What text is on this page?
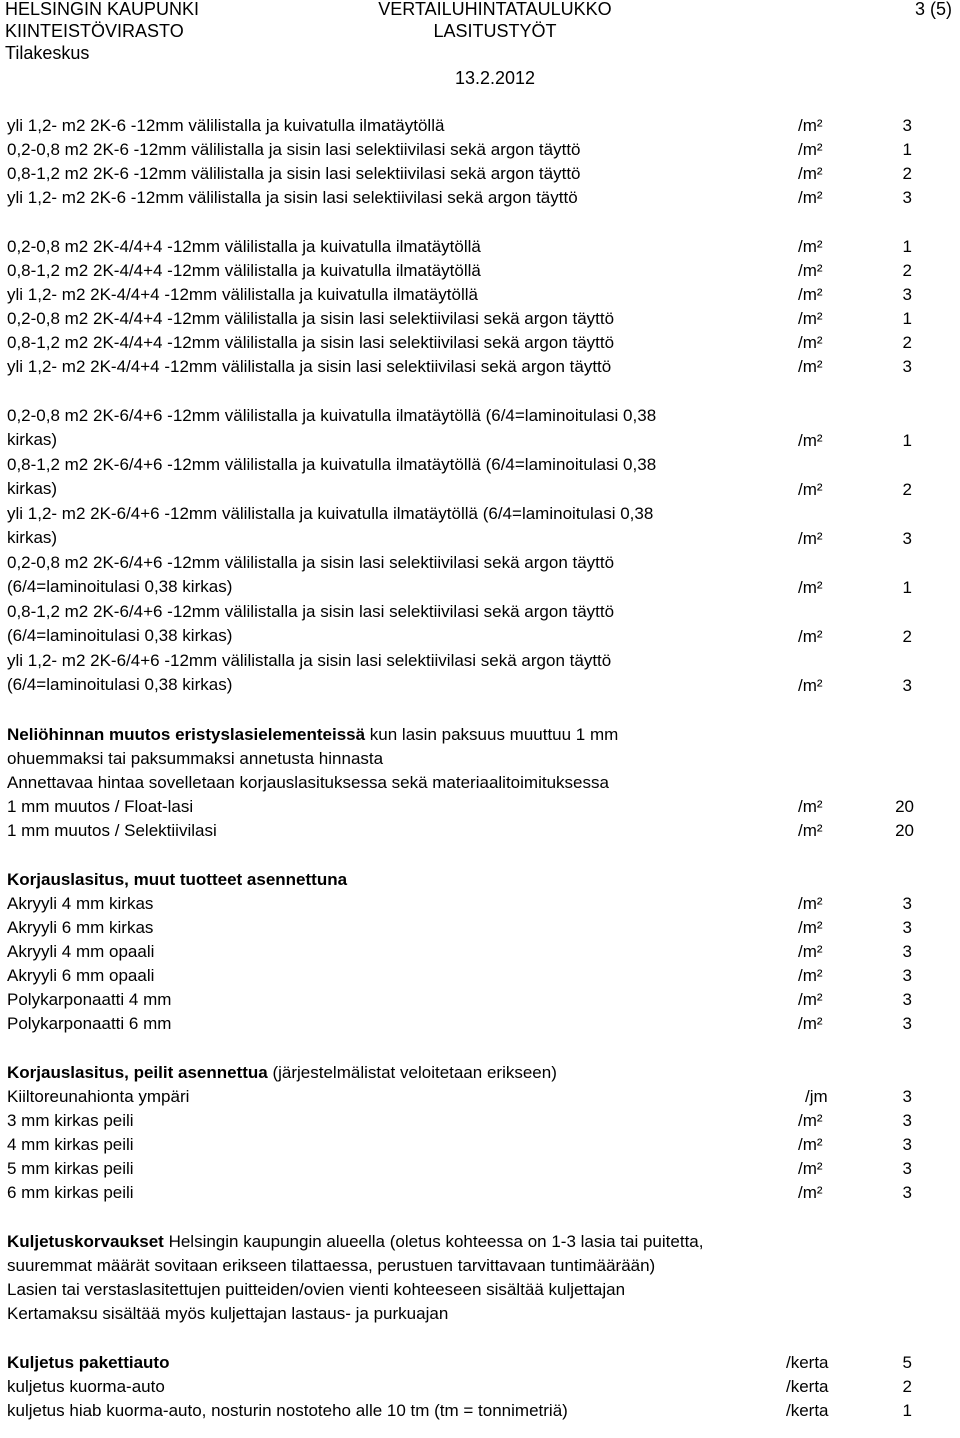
HELSINGIN KAUPUNKI
KIINTEISTÖVIRASTO
Tilakeskus
VERTAILUHINTATAULUKKO
LASITUSTYÖT
3 (5)
13.2.2012
yli 1,2- m2 2K-6 -12mm välilistalla ja kuivatulla ilmatäytöllä	/m²	3
0,2-0,8 m2 2K-6 -12mm välilistalla ja sisin lasi selektiivilasi sekä argon täyttö	/m²	1
0,8-1,2 m2 2K-6 -12mm välilistalla ja sisin lasi selektiivilasi sekä argon täyttö	/m²	2
yli 1,2- m2 2K-6 -12mm välilistalla ja sisin lasi selektiivilasi sekä argon täyttö	/m²	3
0,2-0,8 m2 2K-4/4+4 -12mm välilistalla ja kuivatulla ilmatäytöllä	/m²	1
0,8-1,2 m2 2K-4/4+4 -12mm välilistalla ja kuivatulla ilmatäytöllä	/m²	2
yli 1,2- m2 2K-4/4+4 -12mm välilistalla ja kuivatulla ilmatäytöllä	/m²	3
0,2-0,8 m2 2K-4/4+4 -12mm välilistalla ja sisin lasi selektiivilasi sekä argon täyttö	/m²	1
0,8-1,2 m2 2K-4/4+4 -12mm välilistalla ja sisin lasi selektiivilasi sekä argon täyttö	/m²	2
yli 1,2- m2 2K-4/4+4 -12mm välilistalla ja sisin lasi selektiivilasi sekä argon täyttö	/m²	3
0,2-0,8 m2 2K-6/4+6 -12mm välilistalla ja kuivatulla ilmatäytöllä (6/4=laminoitulasi 0,38
kirkas)	/m²	1
0,8-1,2 m2 2K-6/4+6 -12mm välilistalla ja kuivatulla ilmatäytöllä (6/4=laminoitulasi 0,38
kirkas)	/m²	2
yli 1,2- m2 2K-6/4+6 -12mm välilistalla ja kuivatulla ilmatäytöllä (6/4=laminoitulasi 0,38
kirkas)	/m²	3
0,2-0,8 m2 2K-6/4+6 -12mm välilistalla ja sisin lasi selektiivilasi sekä argon täyttö
(6/4=laminoitulasi 0,38 kirkas)	/m²	1
0,8-1,2 m2 2K-6/4+6 -12mm välilistalla ja sisin lasi selektiivilasi sekä argon täyttö
(6/4=laminoitulasi 0,38 kirkas)	/m²	2
yli 1,2- m2 2K-6/4+6 -12mm välilistalla ja sisin lasi selektiivilasi sekä argon täyttö
(6/4=laminoitulasi 0,38 kirkas)	/m²	3
Neliöhinnan muutos eristyslasielementeissä kun lasin paksuus muuttuu 1 mm
ohuemmaksi tai paksummaksi annetusta hinnasta
Annettavaa hintaa sovelletaan korjauslasituksessa sekä materiaalitoimituksessa
1 mm muutos / Float-lasi	/m²	20
1 mm muutos / Selektiivilasi	/m²	20
Korjauslasitus, muut tuotteet asennettuna
Akryyli 4 mm kirkas	/m²	3
Akryyli 6 mm kirkas	/m²	3
Akryyli 4 mm opaali	/m²	3
Akryyli 6 mm opaali	/m²	3
Polykarponaatti 4 mm	/m²	3
Polykarponaatti 6 mm	/m²	3
Korjauslasitus, peilit asennettua (järjestelmälistat veloitetaan erikseen)
Kiiltoreunahionta ympäri	/jm	3
3 mm kirkas peili	/m²	3
4 mm kirkas peili	/m²	3
5 mm kirkas peili	/m²	3
6 mm kirkas peili	/m²	3
Kuljetuskorvaukset Helsingin kaupungin alueella (oletus kohteessa on 1-3 lasia tai puitetta,
suuremmat määrät sovitaan erikseen tilattaessa, perustuen tarvittavaan tuntimäärään)
Lasien tai verstaslasitettujen puitteiden/ovien vienti kohteeseen sisältää kuljettajan
Kertamaksu sisältää myös kuljettajan lastaus- ja purkuajan
Kuljetus pakettiauto	/kerta	5
kuljetus kuorma-auto	/kerta	2
kuljetus hiab kuorma-auto, nosturin nostoteho alle 10 tm (tm = tonnimetriä)	/kerta	1
